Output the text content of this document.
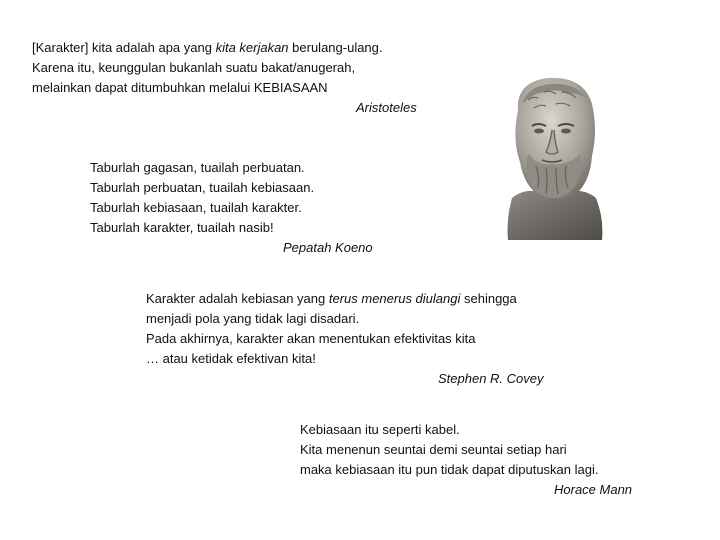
[Karakter] kita adalah apa yang kita kerjakan berulang-ulang.
Karena itu, keunggulan bukanlah suatu bakat/anugerah,
melainkan dapat ditumbuhkan melalui KEBIASAAN
Aristoteles
Taburlah gagasan, tuailah perbuatan.
Taburlah perbuatan, tuailah kebiasaan.
Taburlah kebiasaan, tuailah karakter.
Taburlah karakter, tuailah nasib!
Pepatah Koeno
Karakter adalah kebiasan yang terus menerus diulangi sehingga
menjadi pola yang tidak lagi disadari.
Pada akhirnya, karakter akan menentukan efektivitas kita
… atau ketidak efektivan kita!
Stephen R. Covey
Kebiasaan itu seperti kabel.
Kita menenun seuntai demi seuntai setiap hari
maka kebiasaan itu pun tidak dapat diputuskan lagi.
Horace Mann
